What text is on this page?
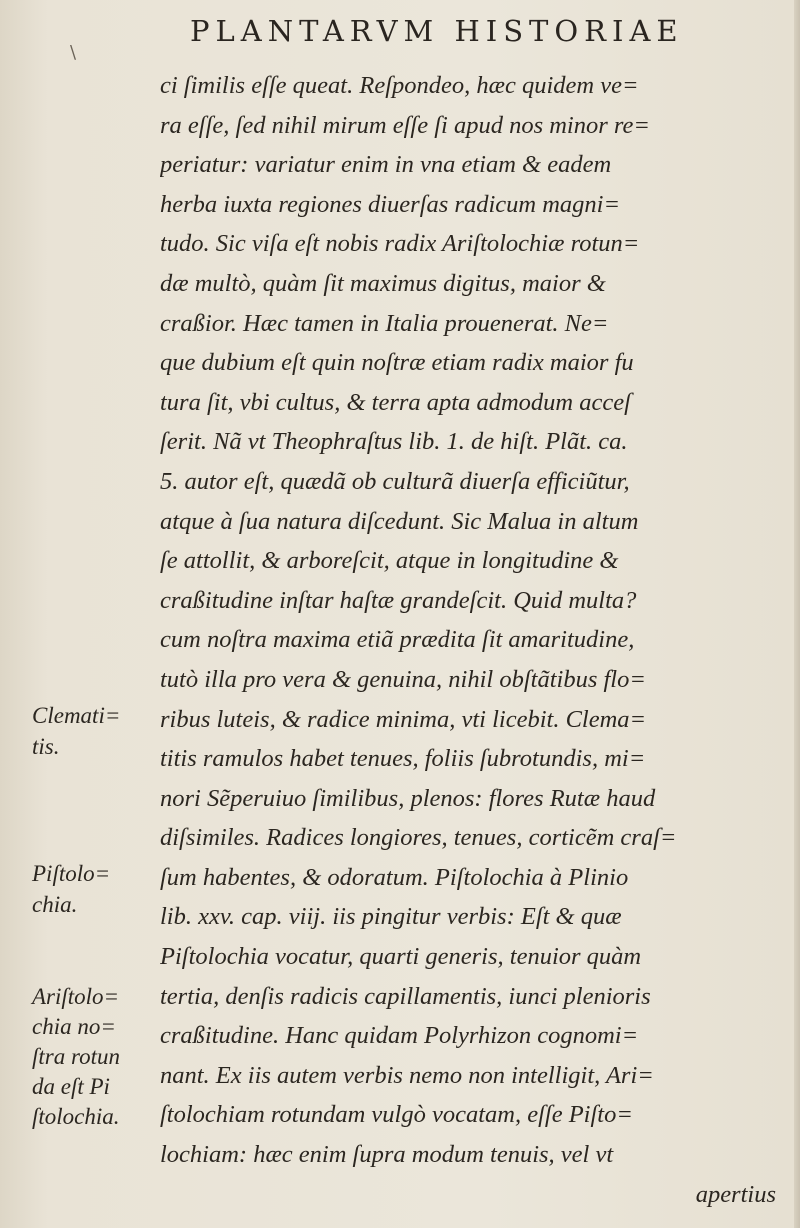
\
PLANTARVM HISTORIAE
ci ſimilis eſſe queat. Reſpondeo, hæc quidem ve=
ra eſſe, ſed nihil mirum eſſe ſi apud nos minor re=
periatur: variatur enim in vna etiam & eadem
herba iuxta regiones diuerſas radicum magni=
tudo. Sic viſa eſt nobis radix Ariſtolochiæ rotun=
dæ multò, quàm ſit maximus digitus, maior &
craßior. Hæc tamen in Italia prouenerat. Ne=
que dubium eſt quin noſtræ etiam radix maior fu
tura ſit, vbi cultus, & terra apta admodum acceſ
ſerit. Nã vt Theophraſtus lib. 1. de hiſt. Plãt. ca.
5. autor eſt, quædã ob culturã diuerſa efficiũtur,
atque à ſua natura diſcedunt. Sic Malua in altum
ſe attollit, & arboreſcit, atque in longitudine &
craßitudine inſtar haſtæ grandeſcit. Quid multa?
cum noſtra maxima etiã prædita ſit amaritudine,
tutò illa pro vera & genuina, nihil obſtãtibus flo=
ribus luteis, & radice minima, vti licebit. Clema=
titis ramulos habet tenues, foliis ſubrotundis, mi=
nori Sẽperuiuo ſimilibus, plenos: flores Rutæ haud
diſsimiles. Radices longiores, tenues, corticẽm craſ=
ſum habentes, & odoratum. Piſtolochia à Plinio
lib. xxv. cap. viij. iis pingitur verbis: Eſt & quæ
Piſtolochia vocatur, quarti generis, tenuior quàm
tertia, denſis radicis capillamentis, iunci plenioris
craßitudine. Hanc quidam Polyrhizon cognomi=
nant. Ex iis autem verbis nemo non intelligit, Ari=
ſtolochiam rotundam vulgò vocatam, eſſe Piſto=
lochiam: hæc enim ſupra modum tenuis, vel vt
apertius
Clemati=
tis.
Piſtolo=
chia.
Ariſtolo=
chia no=
ſtra rotun
da eſt Pi
ſtolochia.
